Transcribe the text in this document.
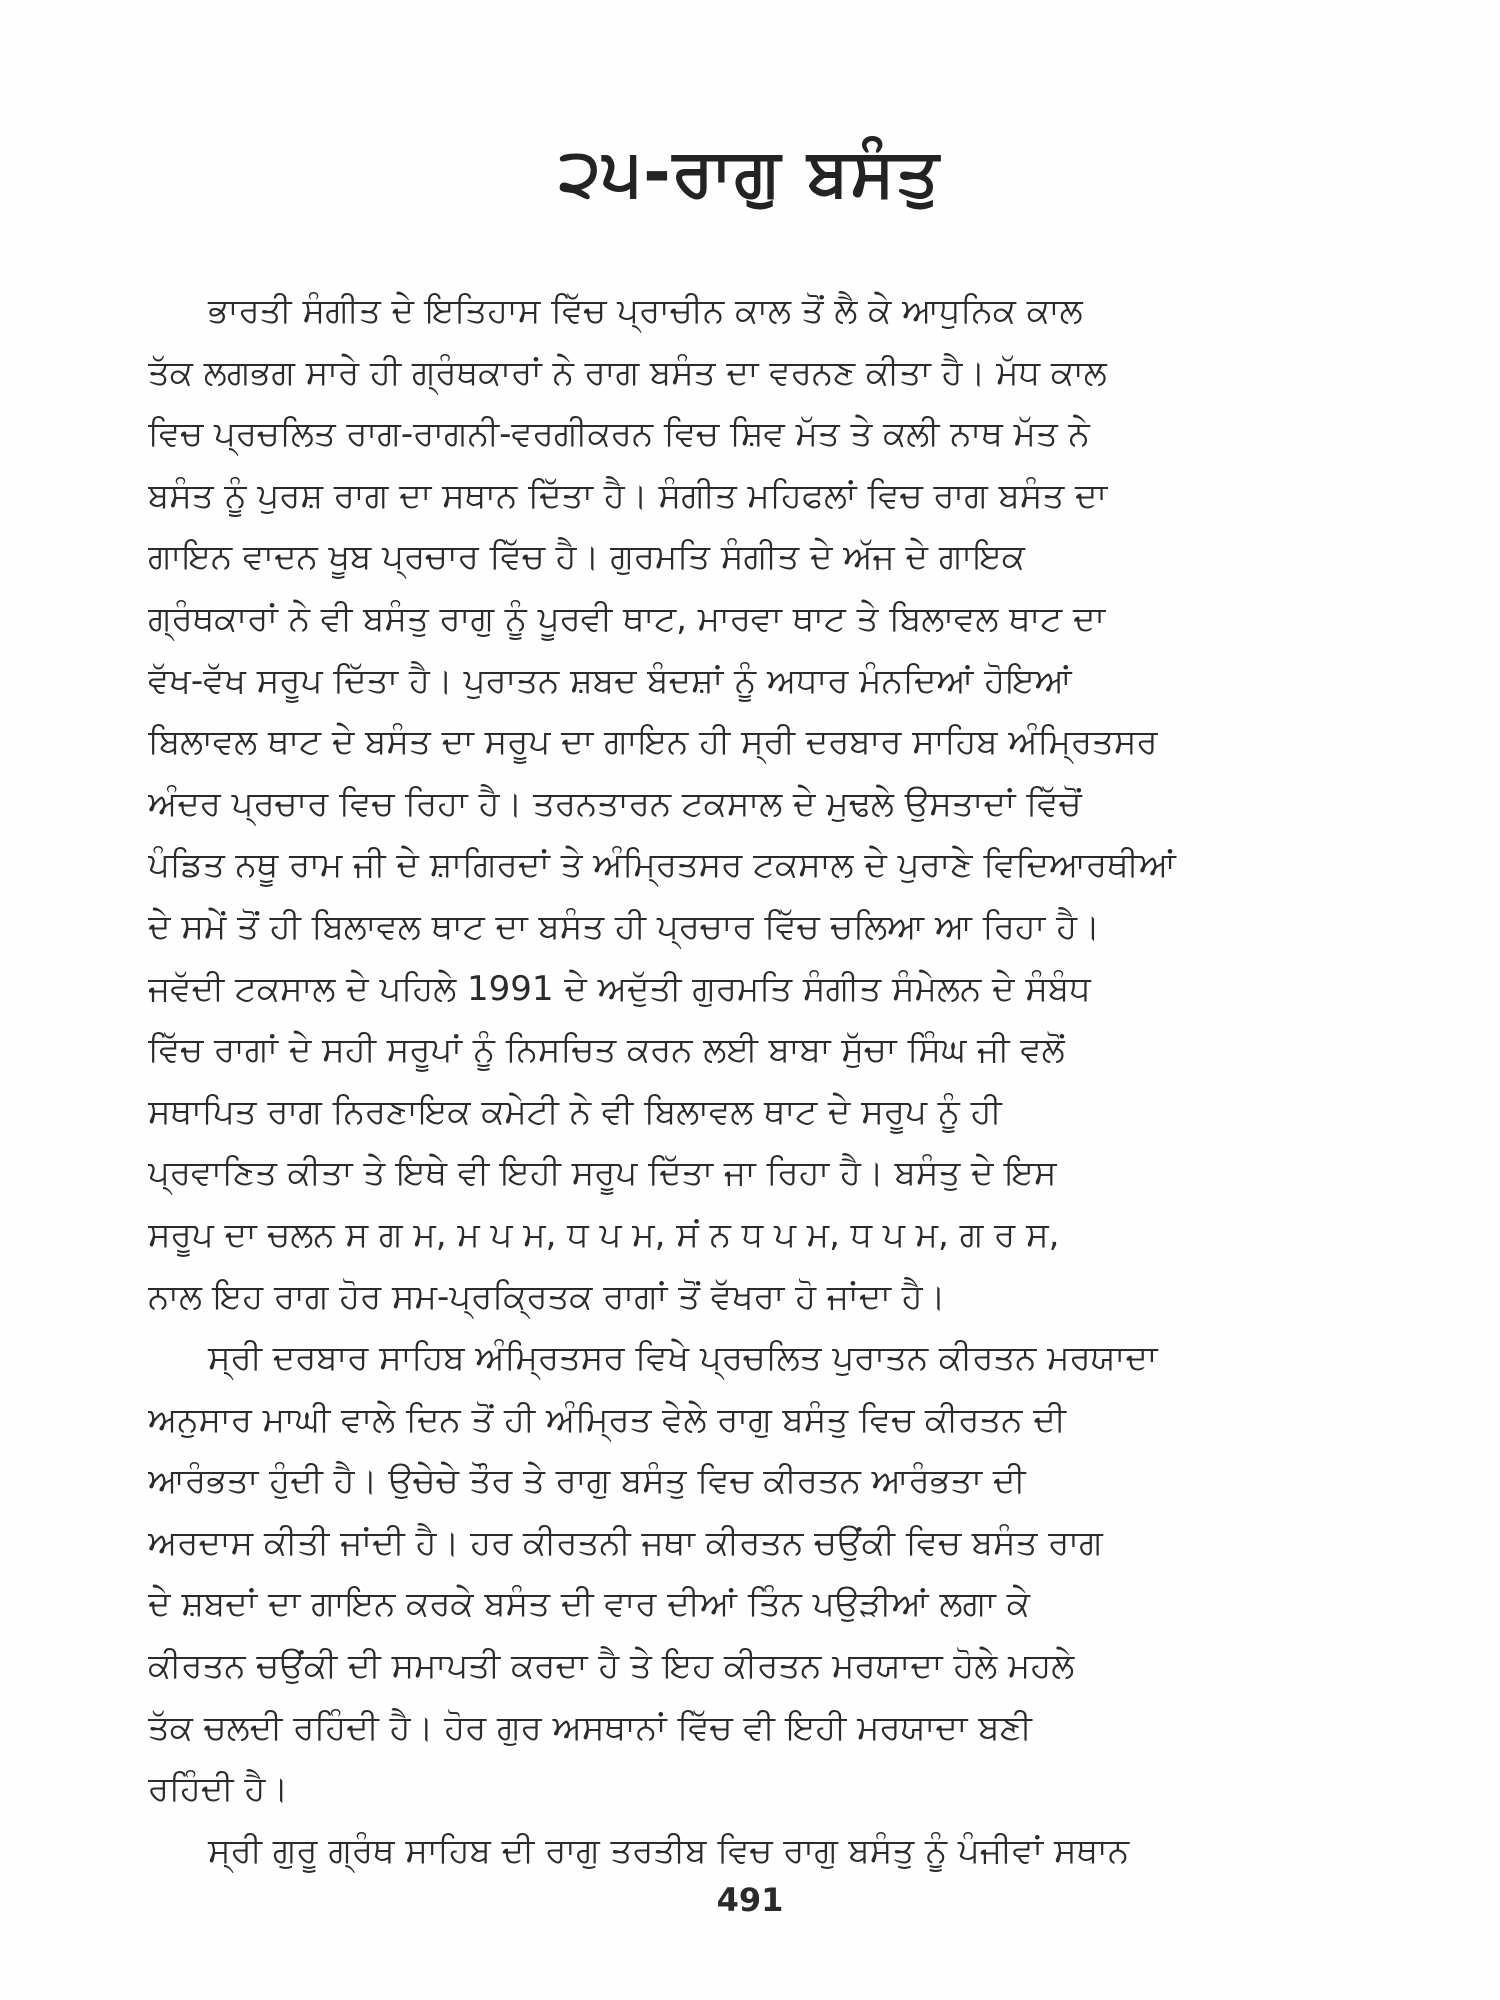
੨੫-ਰਾਗੁ ਬਸੰਤੁ

ਭਾਰਤੀ ਸੰਗੀਤ ਦੇ ਇਤਿਹਾਸ ਵਿੱਚ ਪ੍ਰਾਚੀਨ ਕਾਲ ਤੋਂ ਲੈ ਕੇ ਆਧੁਨਿਕ ਕਾਲ
ਤੱਕ ਲਗਭਗ ਸਾਰੇ ਹੀ ਗ੍ਰੰਥਕਾਰਾਂ ਨੇ ਰਾਗ ਬਸੰਤ ਦਾ ਵਰਨਣ ਕੀਤਾ ਹੈ। ਮੱਧ ਕਾਲ
ਵਿਚ ਪ੍ਰਚਲਿਤ ਰਾਗ-ਰਾਗਨੀ-ਵਰਗੀਕਰਨ ਵਿਚ ਸ਼ਿਵ ਮੱਤ ਤੇ ਕਲੀ ਨਾਥ ਮੱਤ ਨੇ
ਬਸੰਤ ਨੂੰ ਪੁਰਸ਼ ਰਾਗ ਦਾ ਸਥਾਨ ਦਿੱਤਾ ਹੈ। ਸੰਗੀਤ ਮਹਿਫਲਾਂ ਵਿਚ ਰਾਗ ਬਸੰਤ ਦਾ
ਗਾਇਨ ਵਾਦਨ ਖੂਬ ਪ੍ਰਚਾਰ ਵਿੱਚ ਹੈ। ਗੁਰਮਤਿ ਸੰਗੀਤ ਦੇ ਅੱਜ ਦੇ ਗਾਇਕ
ਗ੍ਰੰਥਕਾਰਾਂ ਨੇ ਵੀ ਬਸੰਤੁ ਰਾਗੁ ਨੂੰ ਪੂਰਵੀ ਥਾਟ, ਮਾਰਵਾ ਥਾਟ ਤੇ ਬਿਲਾਵਲ ਥਾਟ ਦਾ
ਵੱਖ-ਵੱਖ ਸਰੂਪ ਦਿੱਤਾ ਹੈ। ਪੁਰਾਤਨ ਸ਼ਬਦ ਬੰਦਸ਼ਾਂ ਨੂੰ ਅਧਾਰ ਮੰਨਦਿਆਂ ਹੋਇਆਂ
ਬਿਲਾਵਲ ਥਾਟ ਦੇ ਬਸੰਤ ਦਾ ਸਰੂਪ ਦਾ ਗਾਇਨ ਹੀ ਸ੍ਰੀ ਦਰਬਾਰ ਸਾਹਿਬ ਅੰਮ੍ਰਿਤਸਰ
ਅੰਦਰ ਪ੍ਰਚਾਰ ਵਿਚ ਰਿਹਾ ਹੈ। ਤਰਨਤਾਰਨ ਟਕਸਾਲ ਦੇ ਮੁਢਲੇ ਉਸਤਾਦਾਂ ਵਿੱਚੋਂ
ਪੰਡਿਤ ਨਥੂ ਰਾਮ ਜੀ ਦੇ ਸ਼ਾਗਿਰਦਾਂ ਤੇ ਅੰਮ੍ਰਿਤਸਰ ਟਕਸਾਲ ਦੇ ਪੁਰਾਣੇ ਵਿਦਿਆਰਥੀਆਂ
ਦੇ ਸਮੇਂ ਤੋਂ ਹੀ ਬਿਲਾਵਲ ਥਾਟ ਦਾ ਬਸੰਤ ਹੀ ਪ੍ਰਚਾਰ ਵਿੱਚ ਚਲਿਆ ਆ ਰਿਹਾ ਹੈ।
ਜਵੱਦੀ ਟਕਸਾਲ ਦੇ ਪਹਿਲੇ 1991 ਦੇ ਅਦੁੱਤੀ ਗੁਰਮਤਿ ਸੰਗੀਤ ਸੰਮੇਲਨ ਦੇ ਸੰਬੰਧ
ਵਿੱਚ ਰਾਗਾਂ ਦੇ ਸਹੀ ਸਰੂਪਾਂ ਨੂੰ ਨਿਸਚਿਤ ਕਰਨ ਲਈ ਬਾਬਾ ਸੁੱਚਾ ਸਿੰਘ ਜੀ ਵਲੋਂ
ਸਥਾਪਿਤ ਰਾਗ ਨਿਰਣਾਇਕ ਕਮੇਟੀ ਨੇ ਵੀ ਬਿਲਾਵਲ ਥਾਟ ਦੇ ਸਰੂਪ ਨੂੰ ਹੀ
ਪ੍ਰਵਾਣਿਤ ਕੀਤਾ ਤੇ ਇਥੇ ਵੀ ਇਹੀ ਸਰੂਪ ਦਿੱਤਾ ਜਾ ਰਿਹਾ ਹੈ। ਬਸੰਤੁ ਦੇ ਇਸ
ਸਰੂਪ ਦਾ ਚਲਨ ਸ ਗ ਮ, ਮ ਪ ਮ, ਧ ਪ ਮ, ਸਂ ਨ ਧ ਪ ਮ, ਧ ਪ ਮ, ਗ ਰ ਸ,
ਨਾਲ ਇਹ ਰਾਗ ਹੋਰ ਸਮ-ਪ੍ਰਕ੍ਰਿਤਕ ਰਾਗਾਂ ਤੋਂ ਵੱਖਰਾ ਹੋ ਜਾਂਦਾ ਹੈ।

ਸ੍ਰੀ ਦਰਬਾਰ ਸਾਹਿਬ ਅੰਮ੍ਰਿਤਸਰ ਵਿਖੇ ਪ੍ਰਚਲਿਤ ਪੁਰਾਤਨ ਕੀਰਤਨ ਮਰਯਾਦਾ
ਅਨੁਸਾਰ ਮਾਘੀ ਵਾਲੇ ਦਿਨ ਤੋਂ ਹੀ ਅੰਮ੍ਰਿਤ ਵੇਲੇ ਰਾਗੁ ਬਸੰਤੁ ਵਿਚ ਕੀਰਤਨ ਦੀ
ਆਰੰਭਤਾ ਹੁੰਦੀ ਹੈ। ਉਚੇਚੇ ਤੌਰ ਤੇ ਰਾਗੁ ਬਸੰਤੁ ਵਿਚ ਕੀਰਤਨ ਆਰੰਭਤਾ ਦੀ
ਅਰਦਾਸ ਕੀਤੀ ਜਾਂਦੀ ਹੈ। ਹਰ ਕੀਰਤਨੀ ਜਥਾ ਕੀਰਤਨ ਚਉਂਕੀ ਵਿਚ ਬਸੰਤ ਰਾਗ
ਦੇ ਸ਼ਬਦਾਂ ਦਾ ਗਾਇਨ ਕਰਕੇ ਬਸੰਤ ਦੀ ਵਾਰ ਦੀਆਂ ਤਿੰਨ ਪਉੜੀਆਂ ਲਗਾ ਕੇ
ਕੀਰਤਨ ਚਉਂਕੀ ਦੀ ਸਮਾਪਤੀ ਕਰਦਾ ਹੈ ਤੇ ਇਹ ਕੀਰਤਨ ਮਰਯਾਦਾ ਹੋਲੇ ਮਹਲੇ
ਤੱਕ ਚਲਦੀ ਰਹਿੰਦੀ ਹੈ। ਹੋਰ ਗੁਰ ਅਸਥਾਨਾਂ ਵਿੱਚ ਵੀ ਇਹੀ ਮਰਯਾਦਾ ਬਣੀ
ਰਹਿੰਦੀ ਹੈ।

ਸ੍ਰੀ ਗੁਰੂ ਗ੍ਰੰਥ ਸਾਹਿਬ ਦੀ ਰਾਗੁ ਤਰਤੀਬ ਵਿਚ ਰਾਗੁ ਬਸੰਤੁ ਨੂੰ ਪੰਜੀਵਾਂ ਸਥਾਨ

491
